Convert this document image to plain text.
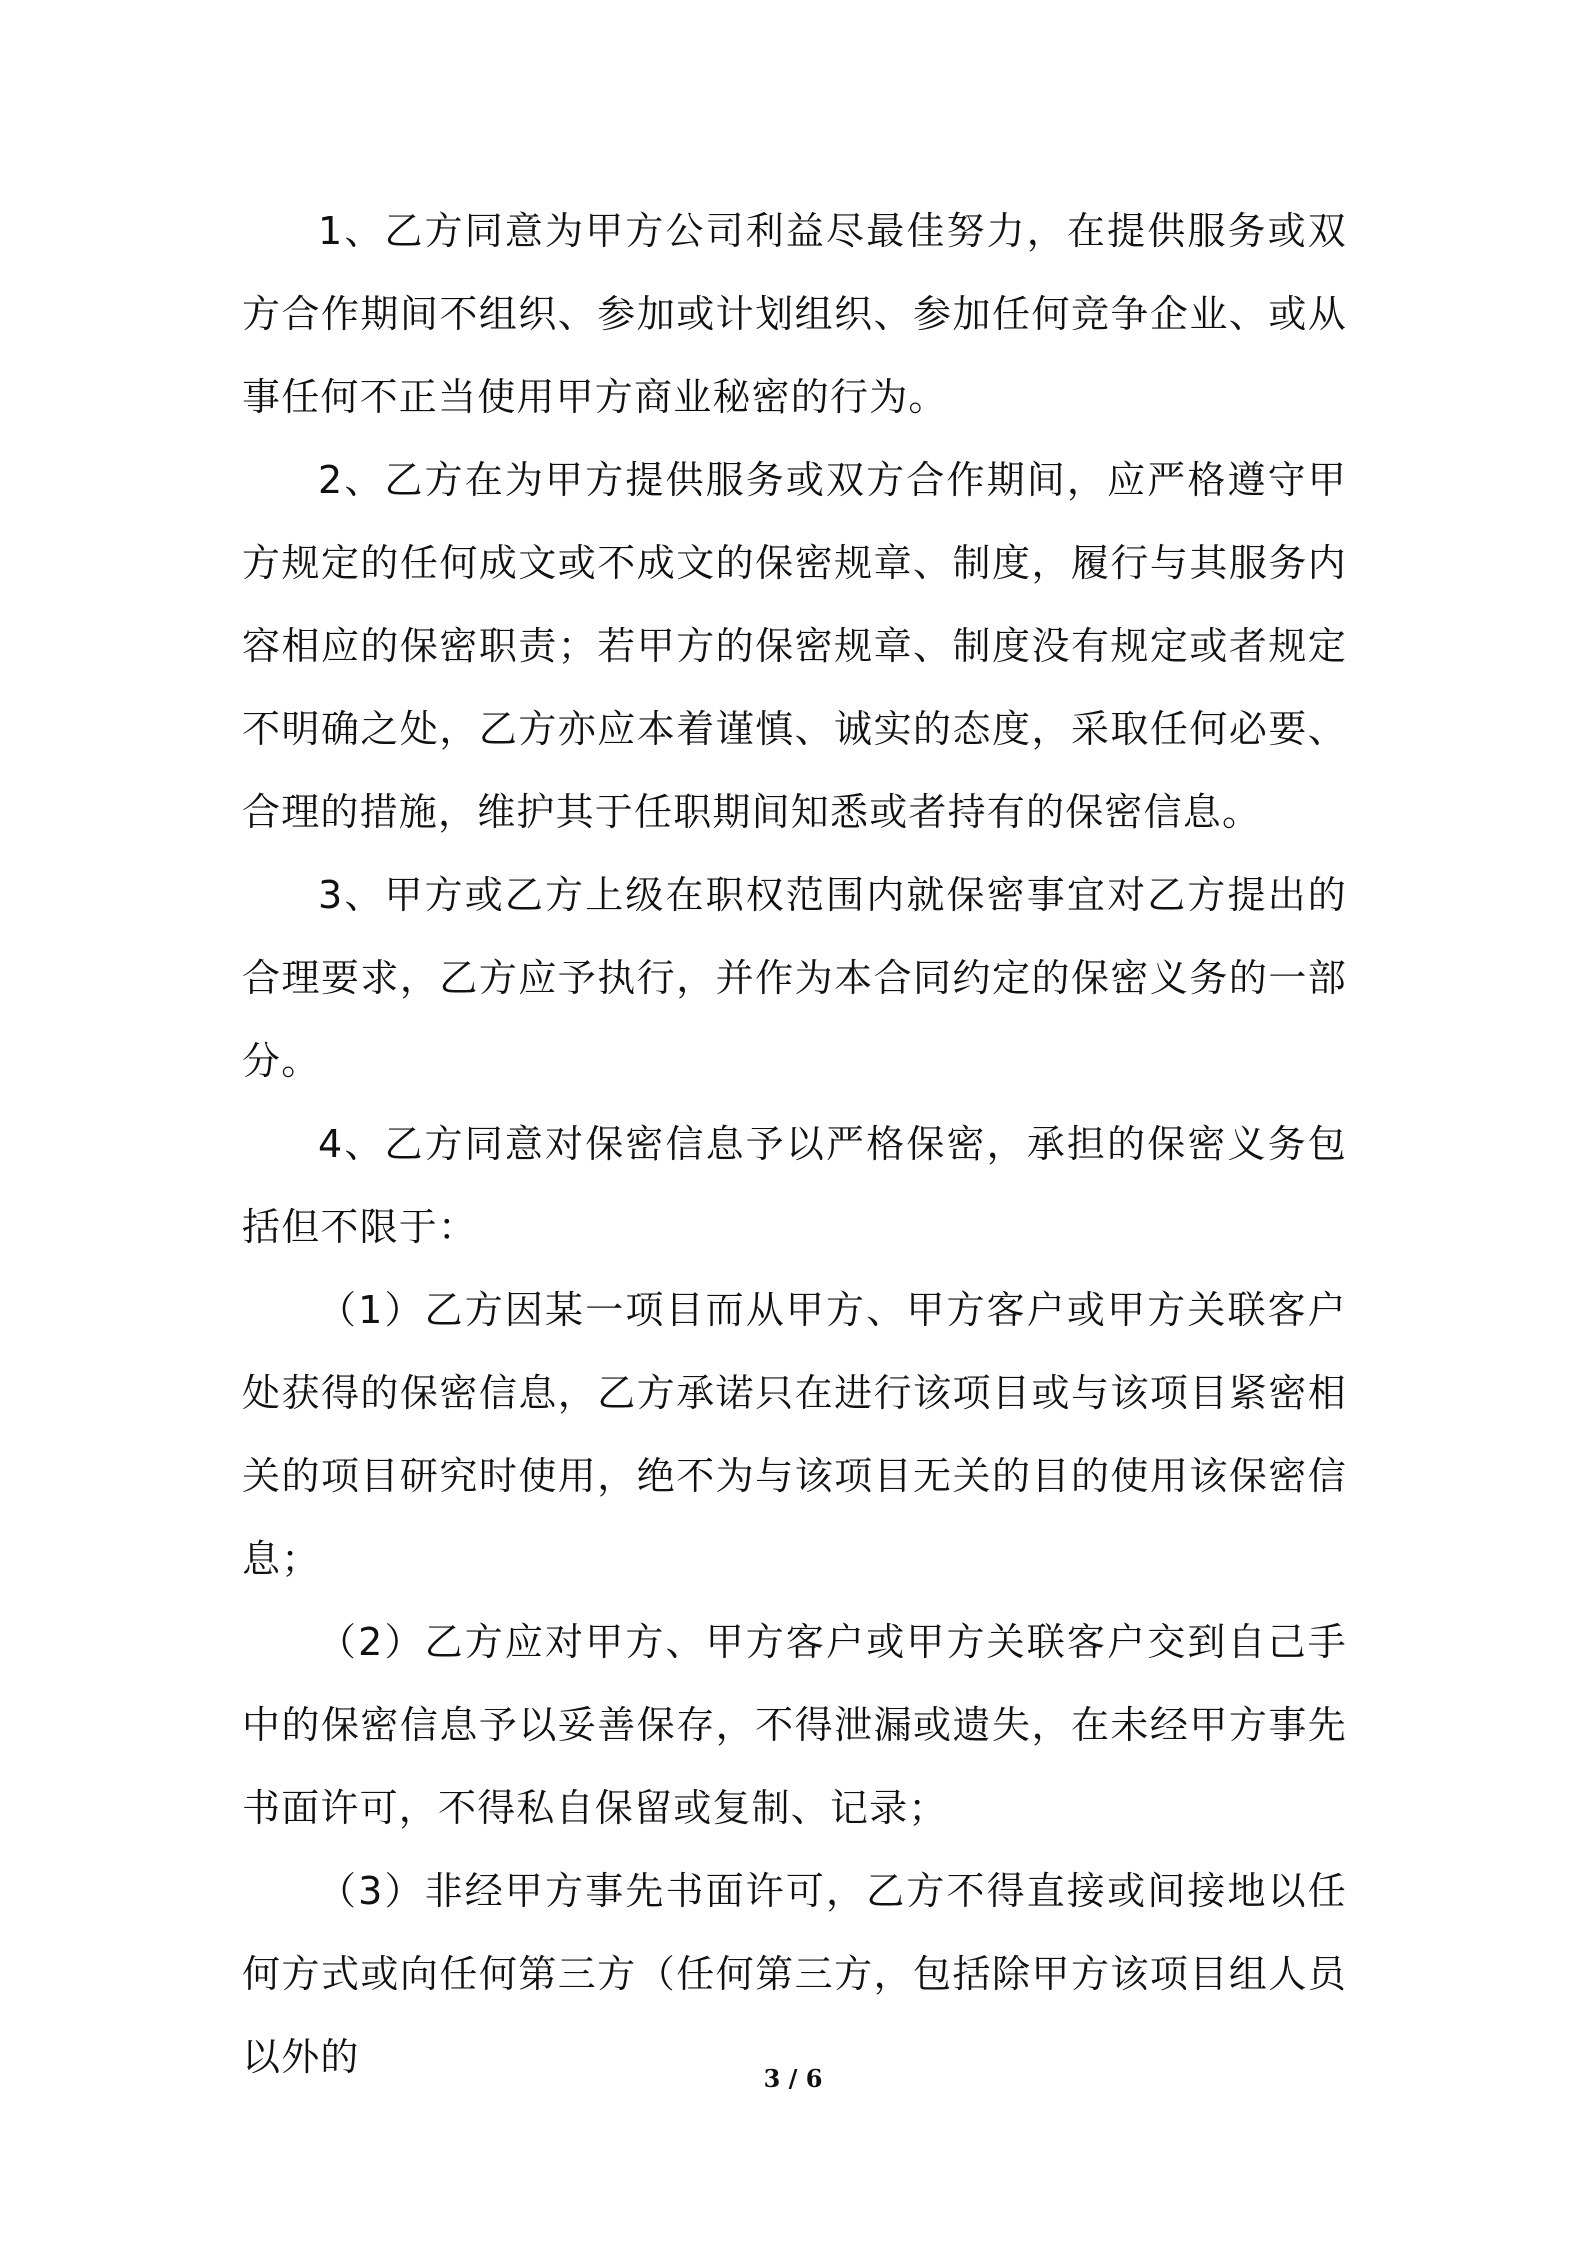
1、乙方同意为甲方公司利益尽最佳努力，在提供服务或双方合作期间不组织、参加或计划组织、参加任何竞争企业、或从事任何不正当使用甲方商业秘密的行为。

2、乙方在为甲方提供服务或双方合作期间，应严格遵守甲方规定的任何成文或不成文的保密规章、制度，履行与其服务内容相应的保密职责；若甲方的保密规章、制度没有规定或者规定不明确之处，乙方亦应本着谨慎、诚实的态度，采取任何必要、合理的措施，维护其于任职期间知悉或者持有的保密信息。

3、甲方或乙方上级在职权范围内就保密事宜对乙方提出的合理要求，乙方应予执行，并作为本合同约定的保密义务的一部分。

4、乙方同意对保密信息予以严格保密，承担的保密义务包括但不限于：

（1）乙方因某一项目而从甲方、甲方客户或甲方关联客户处获得的保密信息，乙方承诺只在进行该项目或与该项目紧密相关的项目研究时使用，绝不为与该项目无关的目的使用该保密信息；

（2）乙方应对甲方、甲方客户或甲方关联客户交到自己手中的保密信息予以妥善保存，不得泄漏或遗失，在未经甲方事先书面许可，不得私自保留或复制、记录；

（3）非经甲方事先书面许可，乙方不得直接或间接地以任何方式或向任何第三方（任何第三方，包括除甲方该项目组人员以外的	3 / 6
